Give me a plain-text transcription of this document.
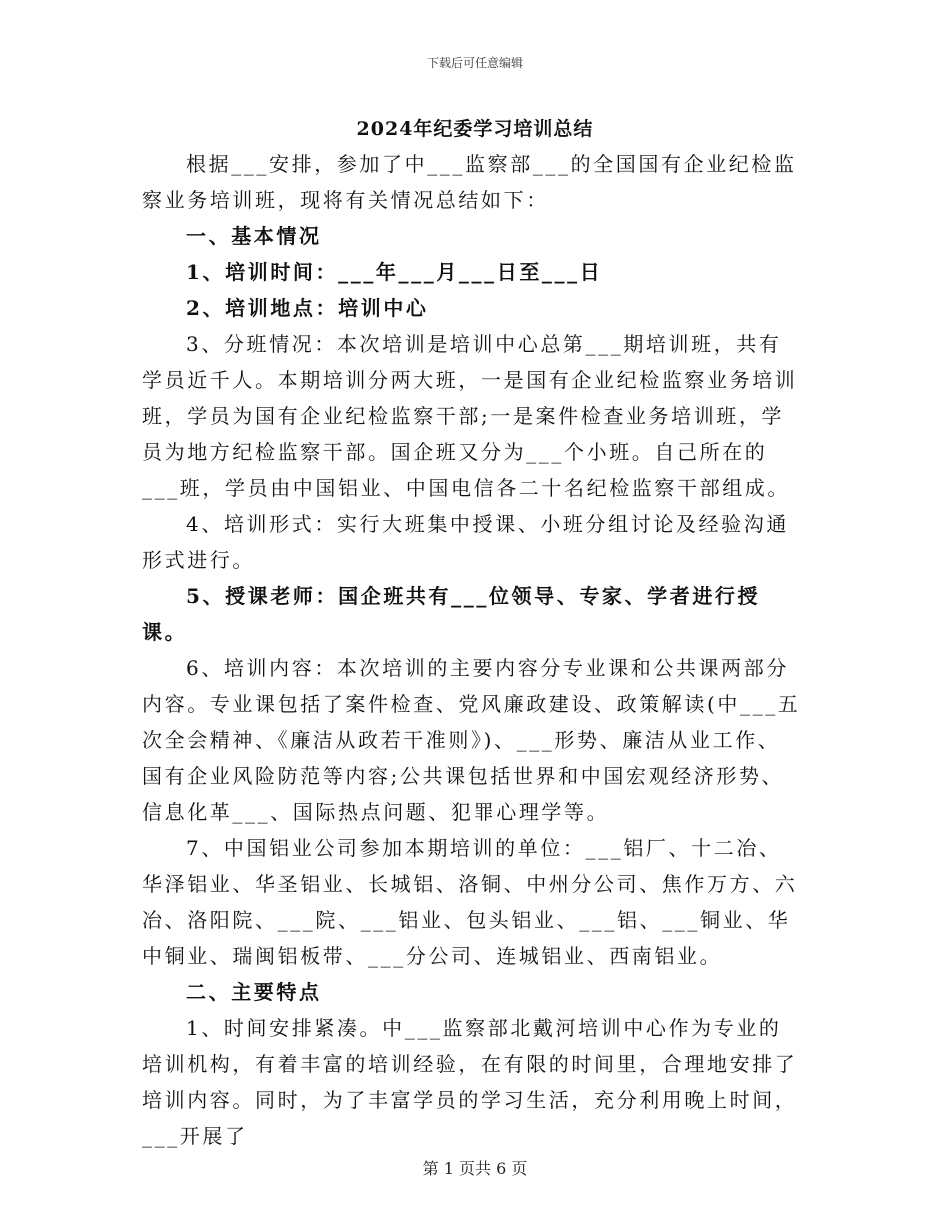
下载后可任意编辑
2024年纪委学习培训总结

根据___安排，参加了中___监察部___的全国国有企业纪检监察业务培训班，现将有关情况总结如下：

一、基本情况

1、培训时间：___年___月___日至___日

2、培训地点：培训中心

3、分班情况：本次培训是培训中心总第___期培训班，共有学员近千人。本期培训分两大班，一是国有企业纪检监察业务培训班，学员为国有企业纪检监察干部;一是案件检查业务培训班，学员为地方纪检监察干部。国企班又分为___个小班。自己所在的___班，学员由中国铝业、中国电信各二十名纪检监察干部组成。

4、培训形式：实行大班集中授课、小班分组讨论及经验沟通形式进行。

5、授课老师：国企班共有___位领导、专家、学者进行授课。

6、培训内容：本次培训的主要内容分专业课和公共课两部分内容。专业课包括了案件检查、党风廉政建设、政策解读(中___五次全会精神、《廉洁从政若干准则》)、___形势、廉洁从业工作、国有企业风险防范等内容;公共课包括世界和中国宏观经济形势、信息化革___、国际热点问题、犯罪心理学等。

7、中国铝业公司参加本期培训的单位：___铝厂、十二冶、华泽铝业、华圣铝业、长城铝、洛铜、中州分公司、焦作万方、六冶、洛阳院、___院、___铝业、包头铝业、___铝、___铜业、华中铜业、瑞闽铝板带、___分公司、连城铝业、西南铝业。

二、主要特点

1、时间安排紧凑。中___监察部北戴河培训中心作为专业的培训机构，有着丰富的培训经验，在有限的时间里，合理地安排了培训内容。同时，为了丰富学员的学习生活，充分利用晚上时间，___开展了

第 1 页共 6 页
